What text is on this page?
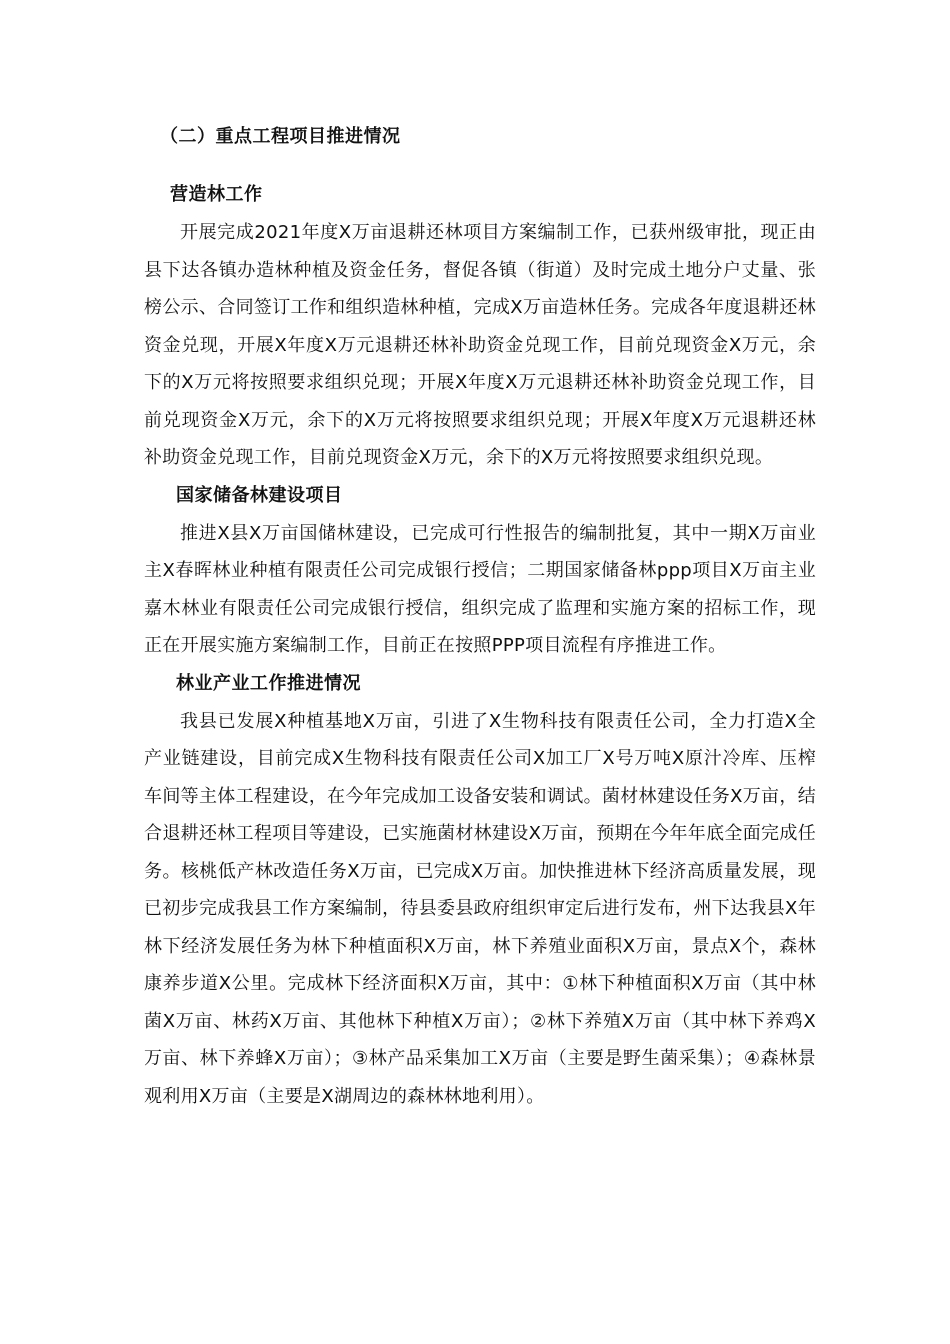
（二）重点工程项目推进情况
营造林工作

开展完成2021年度X万亩退耕还林项目方案编制工作，已获州级审批，现正由县下达各镇办造林种植及资金任务，督促各镇（街道）及时完成土地分户丈量、张榜公示、合同签订工作和组织造林种植，完成X万亩造林任务。完成各年度退耕还林资金兑现，开展X年度X万元退耕还林补助资金兑现工作，目前兑现资金X万元，余下的X万元将按照要求组织兑现；开展X年度X万元退耕还林补助资金兑现工作，目前兑现资金X万元，余下的X万元将按照要求组织兑现；开展X年度X万元退耕还林补助资金兑现工作，目前兑现资金X万元，余下的X万元将按照要求组织兑现。

国家储备林建设项目

推进X县X万亩国储林建设，已完成可行性报告的编制批复，其中一期X万亩业主X春晖林业种植有限责任公司完成银行授信；二期国家储备林ppp项目X万亩主业嘉木林业有限责任公司完成银行授信，组织完成了监理和实施方案的招标工作，现正在开展实施方案编制工作，目前正在按照PPP项目流程有序推进工作。

林业产业工作推进情况

我县已发展X种植基地X万亩，引进了X生物科技有限责任公司，全力打造X全产业链建设，目前完成X生物科技有限责任公司X加工厂X号万吨X原汁冷库、压榨车间等主体工程建设，在今年完成加工设备安装和调试。菌材林建设任务X万亩，结合退耕还林工程项目等建设，已实施菌材林建设X万亩，预期在今年年底全面完成任务。核桃低产林改造任务X万亩，已完成X万亩。加快推进林下经济高质量发展，现已初步完成我县工作方案编制，待县委县政府组织审定后进行发布，州下达我县X年林下经济发展任务为林下种植面积X万亩，林下养殖业面积X万亩，景点X个，森林康养步道X公里。完成林下经济面积X万亩，其中：①林下种植面积X万亩（其中林菌X万亩、林药X万亩、其他林下种植X万亩）；②林下养殖X万亩（其中林下养鸡X万亩、林下养蜂X万亩）；③林产品采集加工X万亩（主要是野生菌采集）；④森林景观利用X万亩（主要是X湖周边的森林林地利用）。
